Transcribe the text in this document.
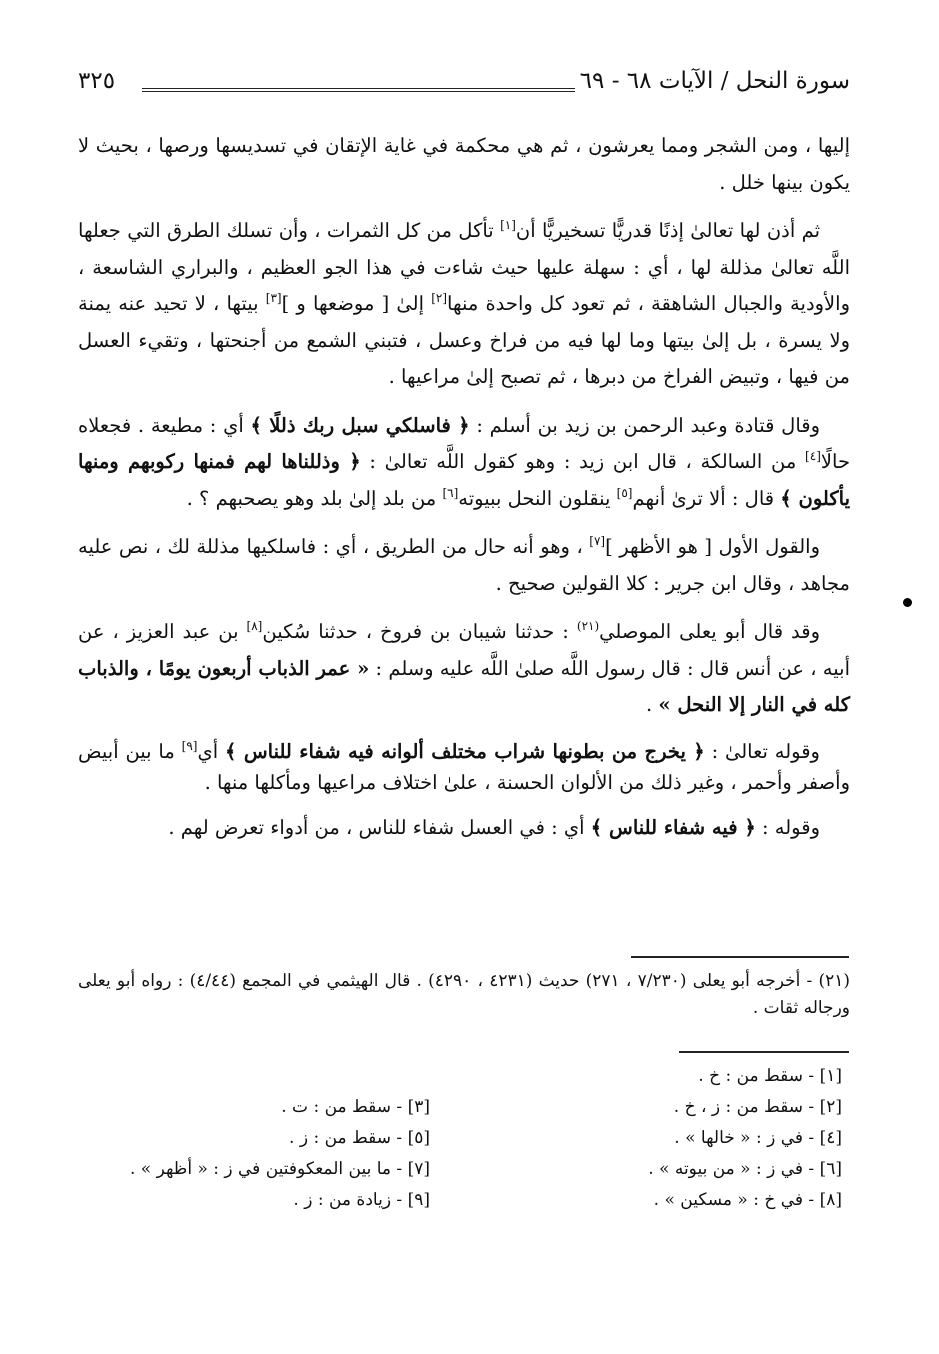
سورة النحل / الآيات ٦٨ - ٦٩
٣٢٥

إليها ، ومن الشجر ومما يعرشون ، ثم هي محكمة في غاية الإتقان في تسديسها ورصها ، بحيث لا يكون بينها خلل .

ثم أذن لها تعالىٰ إذنًا قدريًّا تسخيريًّا أن[١] تأكل من كل الثمرات ، وأن تسلك الطرق التي جعلها اللَّه تعالىٰ مذللة لها ، أي : سهلة عليها حيث شاءت في هذا الجو العظيم ، والبراري الشاسعة ، والأودية والجبال الشاهقة ، ثم تعود كل واحدة منها[٢] إلىٰ [ موضعها و ][٣] بيتها ، لا تحيد عنه يمنة ولا يسرة ، بل إلىٰ بيتها وما لها فيه من فراخ وعسل ، فتبني الشمع من أجنحتها ، وتقيء العسل من فيها ، وتبيض الفراخ من دبرها ، ثم تصبح إلىٰ مراعيها .

وقال قتادة وعبد الرحمن بن زيد بن أسلم : ﴿ فاسلكي سبل ربك ذللًا ﴾ أي : مطيعة . فجعلاه حالًا[٤] من السالكة ، قال ابن زيد : وهو كقول اللَّه تعالىٰ : ﴿ وذللناها لهم فمنها ركوبهم ومنها يأكلون ﴾ قال : ألا ترىٰ أنهم[٥] ينقلون النحل ببيوته[٦] من بلد إلىٰ بلد وهو يصحبهم ؟ .

والقول الأول [ هو الأظهر ][٧] ، وهو أنه حال من الطريق ، أي : فاسلكيها مذللة لك ، نص عليه مجاهد ، وقال ابن جرير : كلا القولين صحيح .

وقد قال أبو يعلى الموصلي$^{(٢١)}$ : حدثنا شيبان بن فروخ ، حدثنا سُكين[٨] بن عبد العزيز ، عن أبيه ، عن أنس قال : قال رسول اللَّه صلىٰ اللَّه عليه وسلم : « عمر الذباب أربعون يومًا ، والذباب كله في النار إلا النحل » .

وقوله تعالىٰ : ﴿ يخرج من بطونها شراب مختلف ألوانه فيه شفاء للناس ﴾ أي[٩] ما بين أبيض وأصفر وأحمر ، وغير ذلك من الألوان الحسنة ، علىٰ اختلاف مراعيها ومأكلها منها .

وقوله : ﴿ فيه شفاء للناس ﴾ أي : في العسل شفاء للناس ، من أدواء تعرض لهم .

(٢١) - أخرجه أبو يعلى (٧/٢٣٠ ، ٢٧١) حديث (٤٢٣١ ، ٤٢٩٠) . قال الهيثمي في المجمع (٤/٤٤) : رواه أبو يعلى ورجاله ثقات .
[١] - سقط من : خ .
[٢] - سقط من : ز ، خ .
[٣] - سقط من : ت .
[٤] - في ز : « خالها » .
[٥] - سقط من : ز .
[٦] - في ز : « من بيوته » .
[٧] - ما بين المعكوفتين في ز : « أظهر » .
[٨] - في خ : « مسكين » .
[٩] - زيادة من : ز .
